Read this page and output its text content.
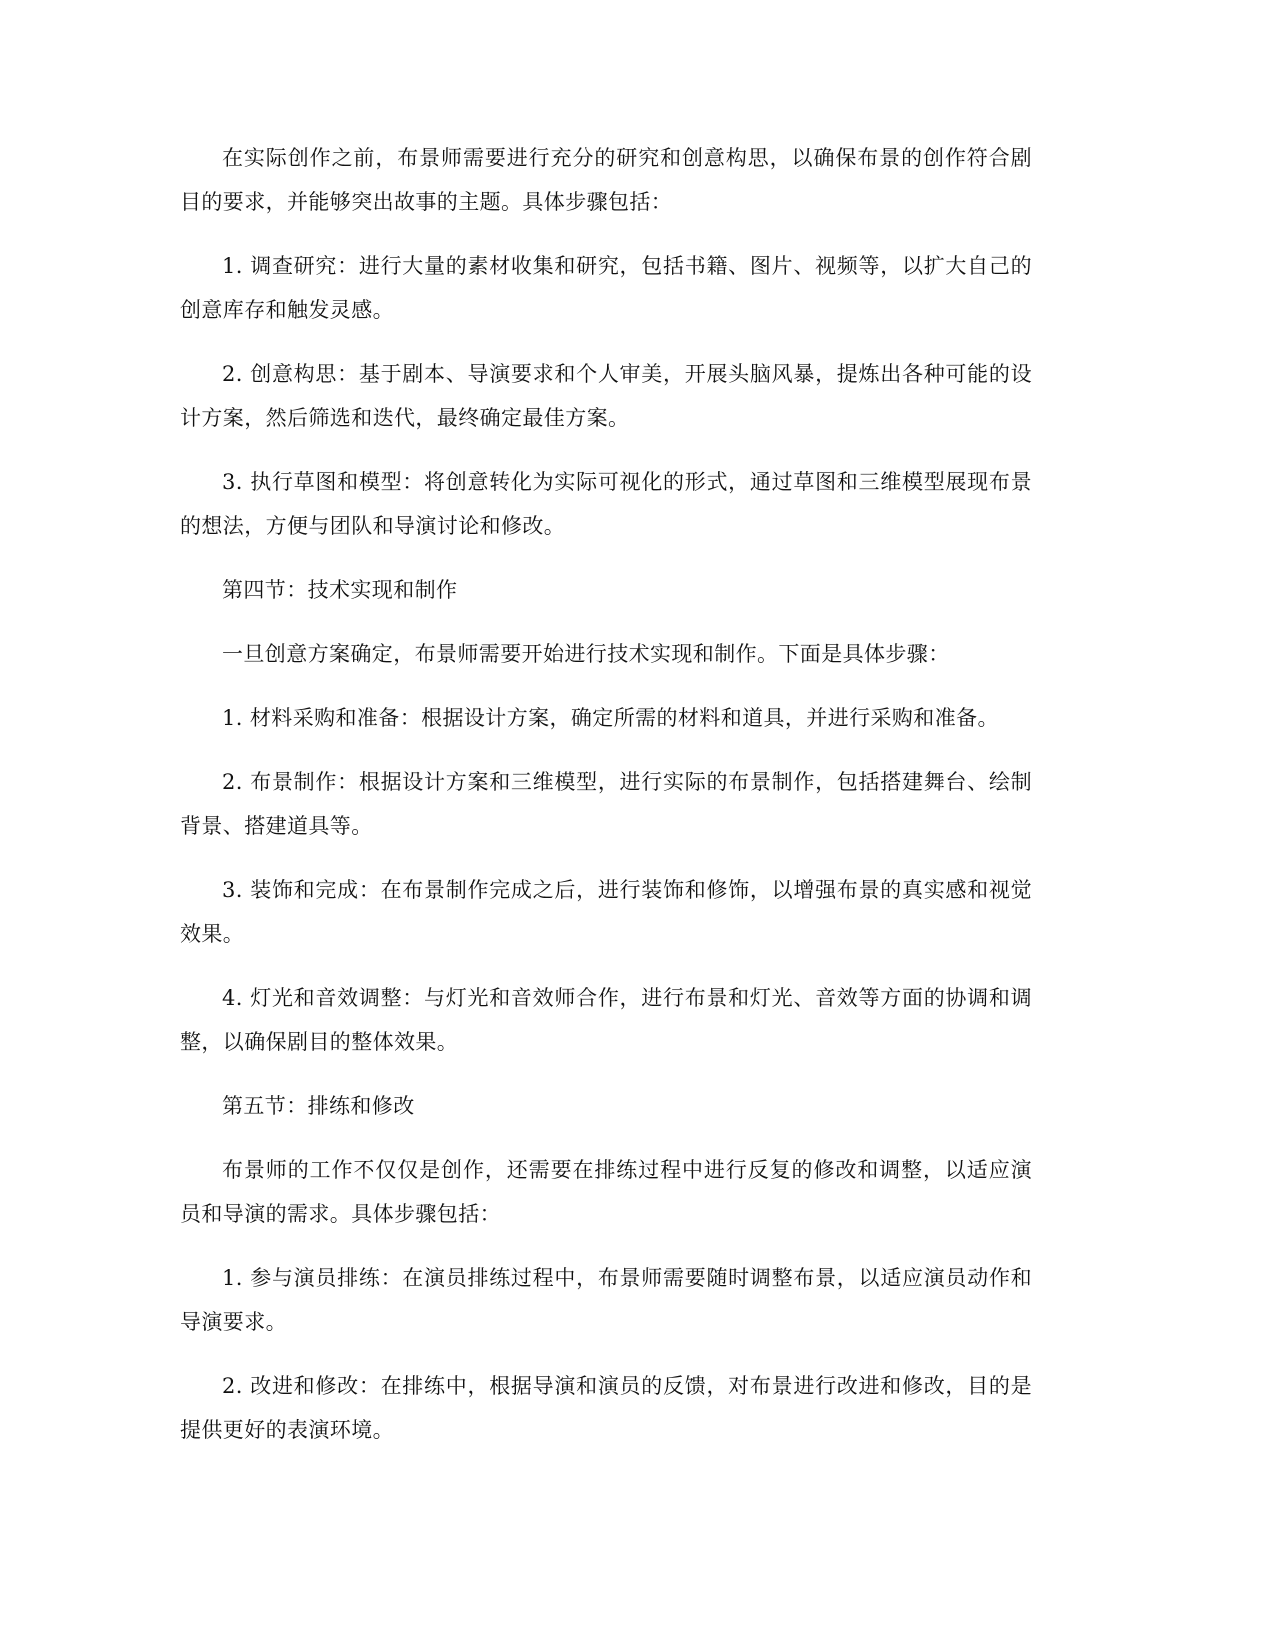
在实际创作之前，布景师需要进行充分的研究和创意构思，以确保布景的创作符合剧目的要求，并能够突出故事的主题。具体步骤包括：

1. 调查研究：进行大量的素材收集和研究，包括书籍、图片、视频等，以扩大自己的创意库存和触发灵感。

2. 创意构思：基于剧本、导演要求和个人审美，开展头脑风暴，提炼出各种可能的设计方案，然后筛选和迭代，最终确定最佳方案。

3. 执行草图和模型：将创意转化为实际可视化的形式，通过草图和三维模型展现布景的想法，方便与团队和导演讨论和修改。

第四节：技术实现和制作

一旦创意方案确定，布景师需要开始进行技术实现和制作。下面是具体步骤：

1. 材料采购和准备：根据设计方案，确定所需的材料和道具，并进行采购和准备。

2. 布景制作：根据设计方案和三维模型，进行实际的布景制作，包括搭建舞台、绘制背景、搭建道具等。

3. 装饰和完成：在布景制作完成之后，进行装饰和修饰，以增强布景的真实感和视觉效果。

4. 灯光和音效调整：与灯光和音效师合作，进行布景和灯光、音效等方面的协调和调整，以确保剧目的整体效果。

第五节：排练和修改

布景师的工作不仅仅是创作，还需要在排练过程中进行反复的修改和调整，以适应演员和导演的需求。具体步骤包括：

1. 参与演员排练：在演员排练过程中，布景师需要随时调整布景，以适应演员动作和导演要求。

2. 改进和修改：在排练中，根据导演和演员的反馈，对布景进行改进和修改，目的是提供更好的表演环境。
